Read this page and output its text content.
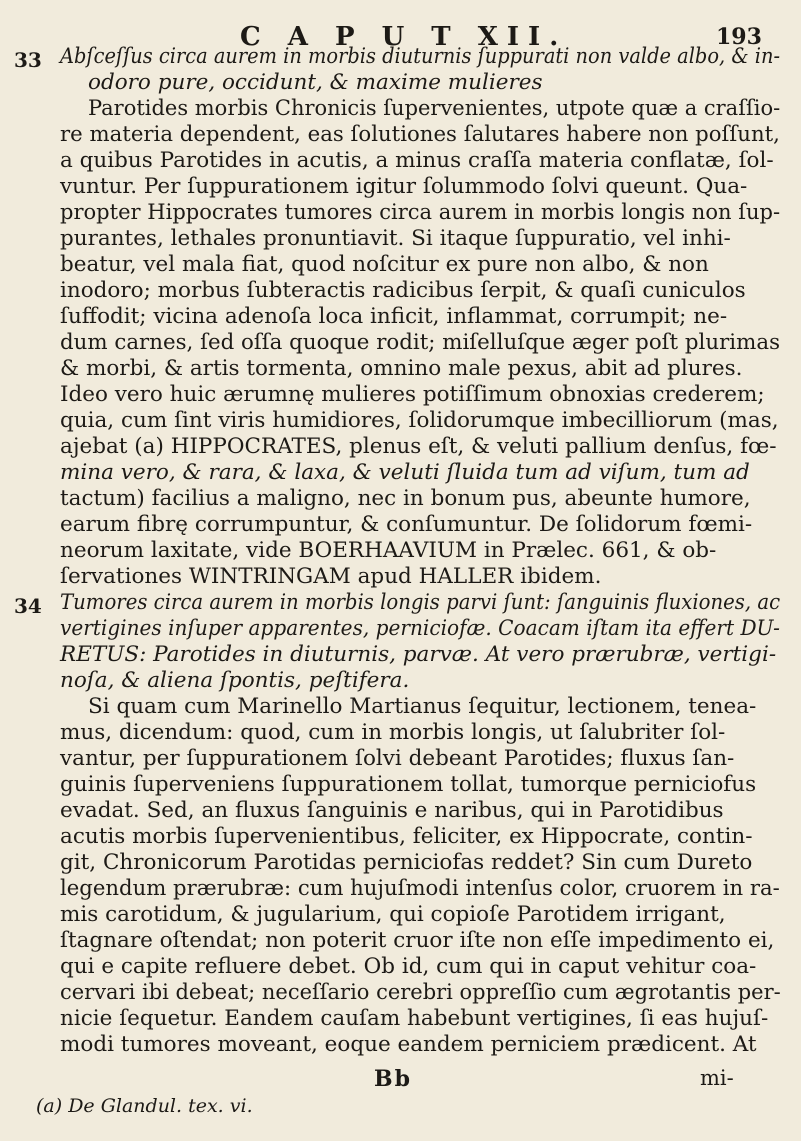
C A P U T XII.	193
33 Abſceſſus circa aurem in morbis diuturnis ſuppurati non valde albo, & in-
odoro pure, occidunt, & maxime mulieres
Parotides morbis Chronicis ſupervenientes, utpote quæ a craſſio-
re materia dependent, eas ſolutiones ſalutares habere non poſſunt,
a quibus Parotides in acutis, a minus craſſa materia conflatæ, ſol-
vuntur. Per ſuppurationem igitur ſolummodo ſolvi queunt. Qua-
propter Hippocrates tumores circa aurem in morbis longis non ſup-
purantes, lethales pronuntiavit. Si itaque ſuppuratio, vel inhi-
beatur, vel mala fiat, quod noſcitur ex pure non albo, & non
inodoro; morbus ſubteractis radicibus ſerpit, & quaſi cuniculos
ſuffodit; vicina adenoſa loca inficit, inflammat, corrumpit; ne-
dum carnes, ſed oſſa quoque rodit; miſelluſque æger poſt plurimas
& morbi, & artis tormenta, omnino male pexus, abit ad plures.
Ideo vero huic ærumnę mulieres potiſſimum obnoxias crederem;
quia, cum ſint viris humidiores, ſolidorumque imbecilliorum (mas,
ajebat (a) HIPPOCRATES, plenus eſt, & veluti pallium denſus, fœ-
mina vero, & rara, & laxa, & veluti ſluida tum ad viſum, tum ad
tactum) facilius a maligno, nec in bonum pus, abeunte humore,
earum fibrę corrumpuntur, & conſumuntur. De ſolidorum fœmi-
neorum laxitate, vide BOERHAAVIUM in Prælec. 661, & ob-
ſervationes WINTRINGAM apud HALLER ibidem.
34 Tumores circa aurem in morbis longis parvi ſunt: ſanguinis fluxiones, ac
vertigines inſuper apparentes, perniciofæ. Coacam iſtam ita effert DU-
RETUS: Parotides in diuturnis, parvæ. At vero prærubræ, vertigi-
noſa, & aliena ſpontis, peſtifera.
Si quam cum Marinello Martianus ſequitur, lectionem, tenea-
mus, dicendum: quod, cum in morbis longis, ut ſalubriter ſol-
vantur, per ſuppurationem ſolvi debeant Parotides; fluxus ſan-
guinis ſuperveniens ſuppurationem tollat, tumorque perniciofus
evadat. Sed, an fluxus ſanguinis e naribus, qui in Parotidibus
acutis morbis ſupervenientibus, feliciter, ex Hippocrate, contin-
git, Chronicorum Parotidas perniciofas reddet? Sin cum Dureto
legendum prærubræ: cum hujuſmodi intenſus color, cruorem in ra-
mis carotidum, & jugularium, qui copioſe Parotidem irrigant,
ſtagnare oſtendat; non poterit cruor iſte non eſſe impedimento ei,
qui e capite refluere debet. Ob id, cum qui in caput vehitur coa-
cervari ibi debeat; neceſſario cerebri oppreſſio cum ægrotantis per-
nicie ſequetur. Eandem cauſam habebunt vertigines, ſi eas hujuſ-
modi tumores moveant, eoque eandem perniciem prædicent. At
Bb	mi-
(a) De Glandul. tex. vi.
